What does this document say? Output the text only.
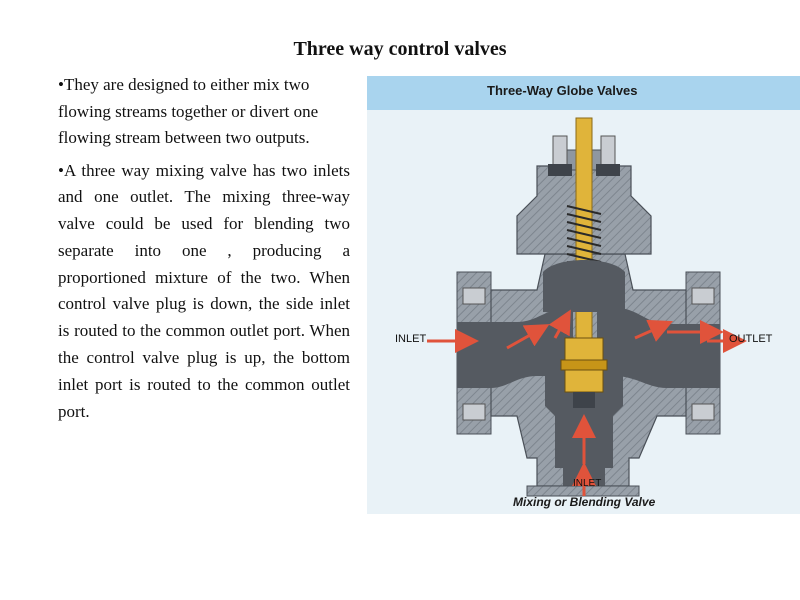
Three way control valves

•They are designed to either mix two flowing streams together or divert one flowing stream between two outputs.

•A three way mixing valve has two inlets and one outlet. The mixing three-way valve could be used for blending two separate into one , producing a proportioned mixture of the two. When control valve plug is down, the side inlet is routed to the common outlet port. When the control valve plug is up, the bottom inlet port is routed to the common outlet port.

Three-Way Globe Valves
INLET	OUTLET
INLET
Mixing or Blending Valve
